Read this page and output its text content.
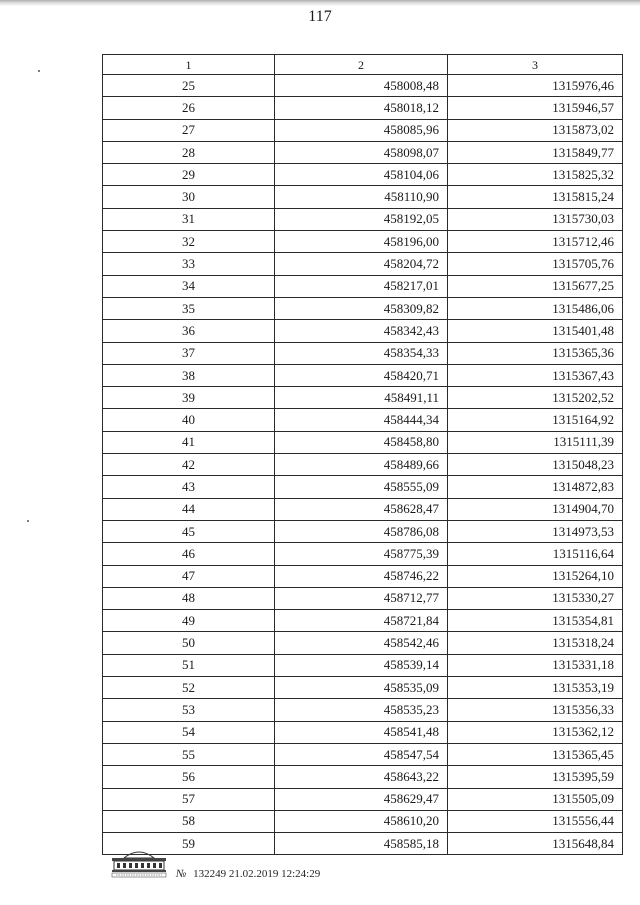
117
1	2	3
25	458008,48	1315976,46
26	458018,12	1315946,57
27	458085,96	1315873,02
28	458098,07	1315849,77
29	458104,06	1315825,32
30	458110,90	1315815,24
31	458192,05	1315730,03
32	458196,00	1315712,46
33	458204,72	1315705,76
34	458217,01	1315677,25
35	458309,82	1315486,06
36	458342,43	1315401,48
37	458354,33	1315365,36
38	458420,71	1315367,43
39	458491,11	1315202,52
40	458444,34	1315164,92
41	458458,80	1315111,39
42	458489,66	1315048,23
43	458555,09	1314872,83
44	458628,47	1314904,70
45	458786,08	1314973,53
46	458775,39	1315116,64
47	458746,22	1315264,10
48	458712,77	1315330,27
49	458721,84	1315354,81
50	458542,46	1315318,24
51	458539,14	1315331,18
52	458535,09	1315353,19
53	458535,23	1315356,33
54	458541,48	1315362,12
55	458547,54	1315365,45
56	458643,22	1315395,59
57	458629,47	1315505,09
58	458610,20	1315556,44
59	458585,18	1315648,84
№ 132249 21.02.2019 12:24:29
